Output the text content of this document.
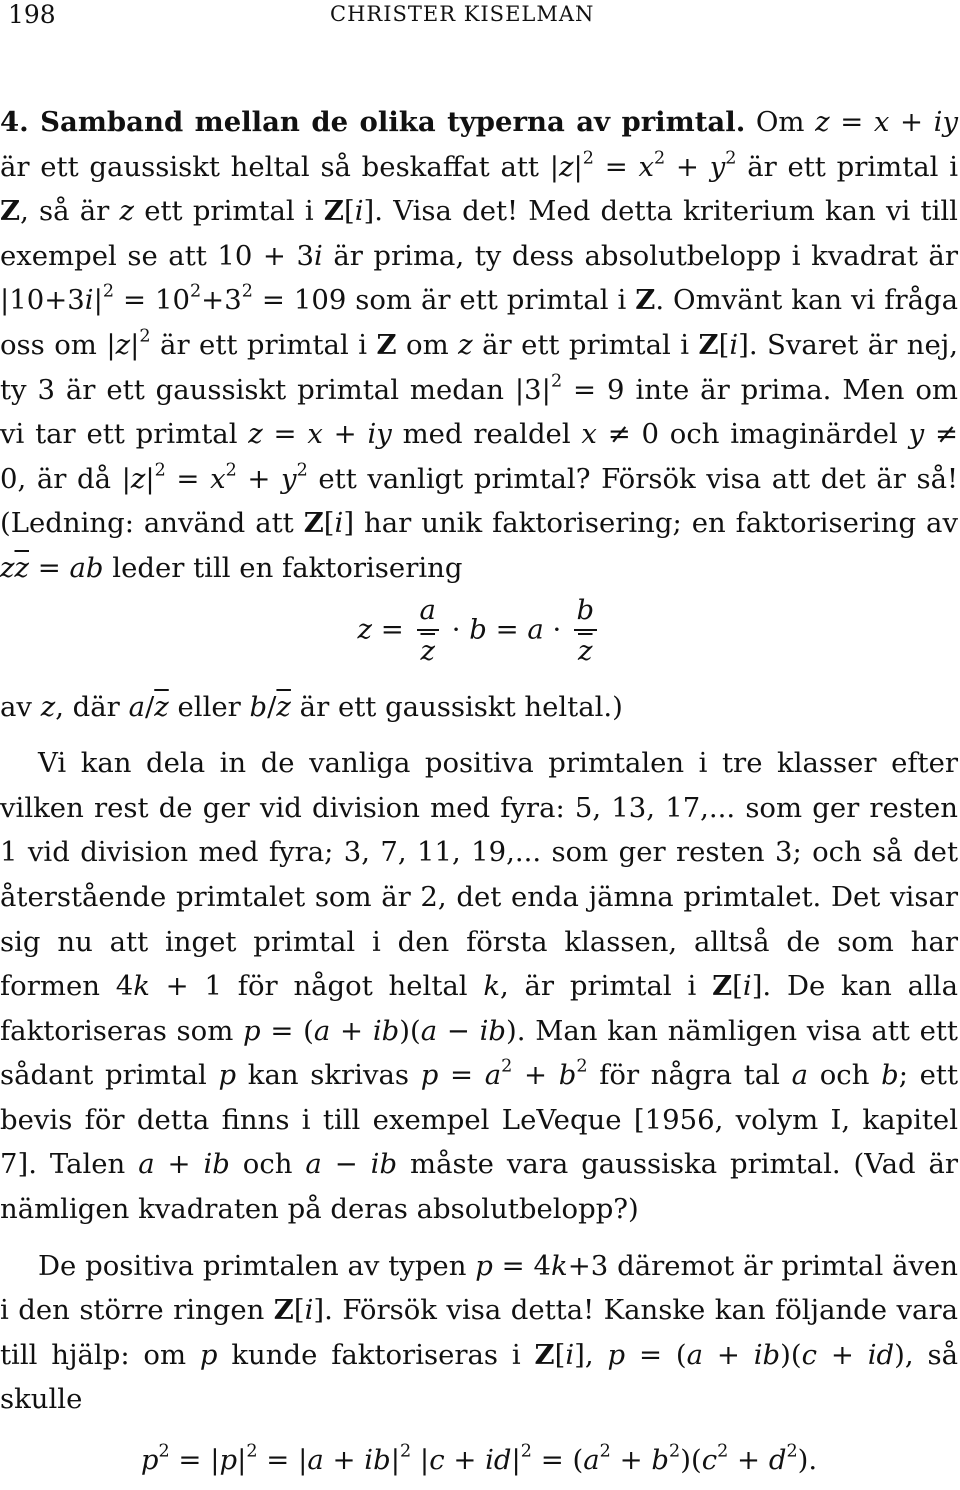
198	CHRISTER KISELMAN

4. Samband mellan de olika typerna av primtal. Om z = x + iy är ett gaussiskt heltal så beskaffat att $|z|^2 = x^2 + y^2$ är ett primtal i Z, så är z ett primtal i Z[i]. Visa det! Med detta kriterium kan vi till exempel se att 10 + 3i är prima, ty dess absolutbelopp i kvadrat är $|10+3i|^2 = 10^2+3^2 = 109$ som är ett primtal i Z. Omvänt kan vi fråga oss om $|z|^2$ är ett primtal i Z om z är ett primtal i Z[i]. Svaret är nej, ty 3 är ett gaussiskt primtal medan $|3|^2 = 9$ inte är prima. Men om vi tar ett primtal z = x + iy med realdel x ≠ 0 och imaginärdel y ≠ 0, är då $|z|^2 = x^2 + y^2$ ett vanligt primtal? Försök visa att det är så! (Ledning: använd att Z[i] har unik faktorisering; en faktorisering av $z\overline{z}$ = ab leder till en faktorisering

$z = \frac{a}{z} \cdot b = a \cdot \frac{b}{z}$

av z, där $a/\overline{z}$ eller $b/\overline{z}$ är ett gaussiskt heltal.)

Vi kan dela in de vanliga positiva primtalen i tre klasser efter vilken rest de ger vid division med fyra: 5, 13, 17,... som ger resten 1 vid division med fyra; 3, 7, 11, 19,... som ger resten 3; och så det återstående primtalet som är 2, det enda jämna primtalet. Det visar sig nu att inget primtal i den första klassen, alltså de som har formen 4k + 1 för något heltal k, är primtal i Z[i]. De kan alla faktoriseras som p = (a + ib)(a − ib). Man kan nämligen visa att ett sådant primtal p kan skrivas $p = a^2 + b^2$ för några tal a och b; ett bevis för detta finns i till exempel LeVeque [1956, volym I, kapitel 7]. Talen a + ib och a − ib måste vara gaussiska primtal. (Vad är nämligen kvadraten på deras absolutbelopp?)

De positiva primtalen av typen p = 4k+3 däremot är primtal även i den större ringen Z[i]. Försök visa detta! Kanske kan följande vara till hjälp: om p kunde faktoriseras i Z[i], p = (a + ib)(c + id), så skulle

$p^2 = |p|^2 = |a + ib|^2$ $|c + id|^2 = (a^2 + b^2)(c^2 + d^2)$.
